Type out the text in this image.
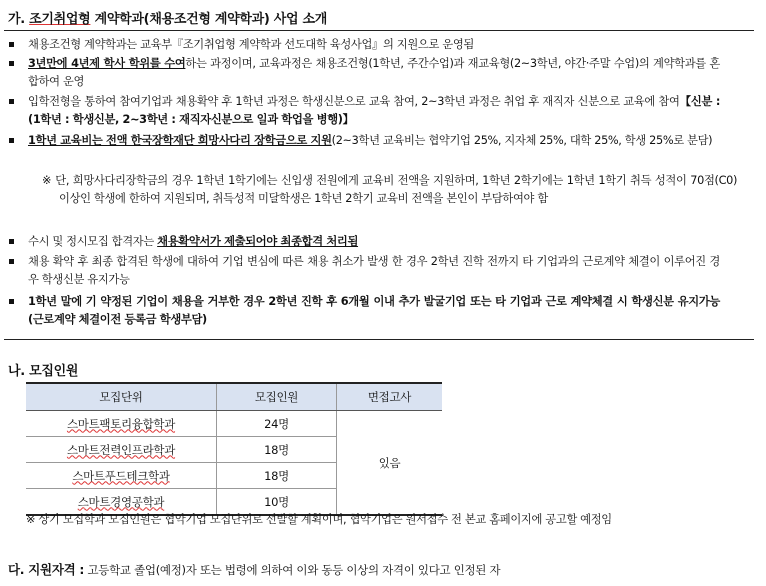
가. 조기취업형 계약학과(채용조건형 계약학과) 사업 소개
채용조건형 계약학과는 교육부『조기취업형 계약학과 선도대학 육성사업』의 지원으로 운영됨
3년만에 4년제 학사 학위를 수여하는 과정이며, 교육과정은 채용조건형(1학년, 주간수업)과 재교육형(2~3학년, 야간·주말 수업)의 계약학과를 혼합하여 운영
입학전형을 통하여 참여기업과 채용확약 후 1학년 과정은 학생신분으로 교육 참여, 2~3학년 과정은 취업 후 재직자 신분으로 교육에 참여【신분 : (1학년 : 학생신분, 2~3학년 : 재직자신분으로 일과 학업을 병행)】
1학년 교육비는 전액 한국장학재단 희망사다리 장학금으로 지원(2~3학년 교육비는 협약기업 25%, 지자체 25%, 대학 25%, 학생 25%로 분담)
※ 단, 희망사다리장학금의 경우 1학년 1학기에는 신입생 전원에게 교육비 전액을 지원하며, 1학년 2학기에는 1학년 1학기 취득 성적이 70점(C0)이상인 학생에 한하여 지원되며, 취득성적 미달학생은 1학년 2학기 교육비 전액을 본인이 부담하여야 함
수시 및 정시모집 합격자는 채용확약서가 제출되어야 최종합격 처리됨
채용 확약 후 최종 합격된 학생에 대하여 기업 변심에 따른 채용 취소가 발생 한 경우 2학년 진학 전까지 타 기업과의 근로계약 체결이 이루어진 경우 학생신분 유지가능
1학년 말에 기 약정된 기업이 채용을 거부한 경우 2학년 진학 후 6개월 이내 추가 발굴기업 또는 타 기업과 근로 계약체결 시 학생신분 유지가능(근로계약 체결이전 등록금 학생부담)
나. 모집인원
모집단위	모집인원	면접고사
스마트팩토리융합학과	24명	있음
스마트전력인프라학과	18명	
스마트푸드테크학과	18명	
스마트경영공학과	10명	
※ 상기 모집학과 모집인원은 협약기업 모집단위로 선발할 계획이며, 협약기업은 원서접수 전 본교 홈페이지에 공고할 예정임
다. 지원자격 : 고등학교 졸업(예정)자 또는 법령에 의하여 이와 동등 이상의 자격이 있다고 인정된 자
